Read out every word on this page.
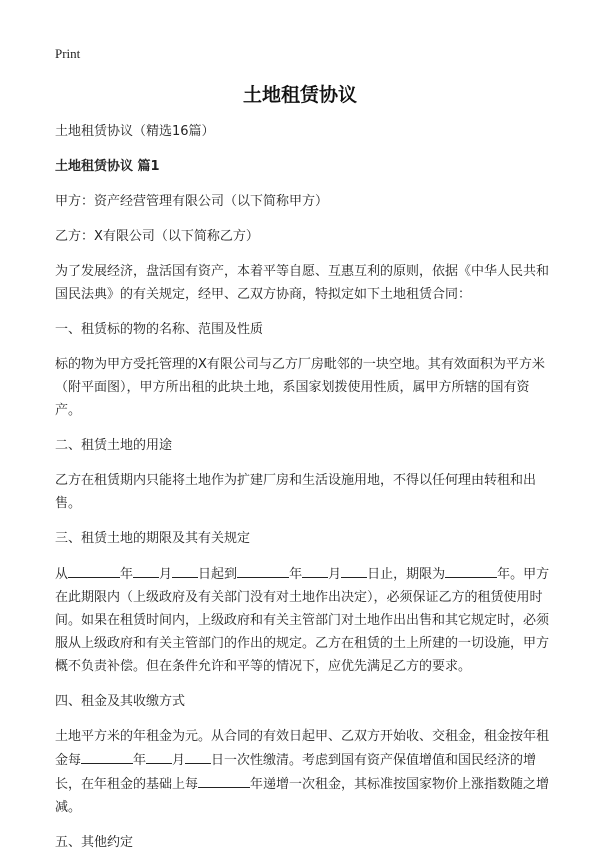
Print
土地租赁协议

土地租赁协议（精选16篇）

土地租赁协议 篇1

甲方：资产经营管理有限公司（以下简称甲方）

乙方：X有限公司（以下简称乙方）

为了发展经济，盘活国有资产，本着平等自愿、互惠互利的原则，依据《中华人民共和国民法典》的有关规定，经甲、乙双方协商，特拟定如下土地租赁合同：

一、租赁标的物的名称、范围及性质

标的物为甲方受托管理的X有限公司与乙方厂房毗邻的一块空地。其有效面积为平方米（附平面图），甲方所出租的此块土地，系国家划拨使用性质，属甲方所辖的国有资产。

二、租赁土地的用途

乙方在租赁期内只能将土地作为扩建厂房和生活设施用地，不得以任何理由转租和出售。

三、租赁土地的期限及其有关规定

从	年 月 日起到	年 月 日止，期限为	年。甲方在此期限内（上级政府及有关部门没有对土地作出决定），必须保证乙方的租赁使用时间。如果在租赁时间内，上级政府和有关主管部门对土地作出出售和其它规定时，必须服从上级政府和有关主管部门的作出的规定。乙方在租赁的土上所建的一切设施，甲方概不负责补偿。但在条件允许和平等的情况下，应优先满足乙方的要求。

四、租金及其收缴方式

土地平方米的年租金为元。从合同的有效日起甲、乙双方开始收、交租金，租金按年租金每	年 月 日一次性缴清。考虑到国有资产保值增值和国民经济的增长，在年租金的基础上每	年递增一次租金，其标准按国家物价上涨指数随之增减。

五、其他约定
